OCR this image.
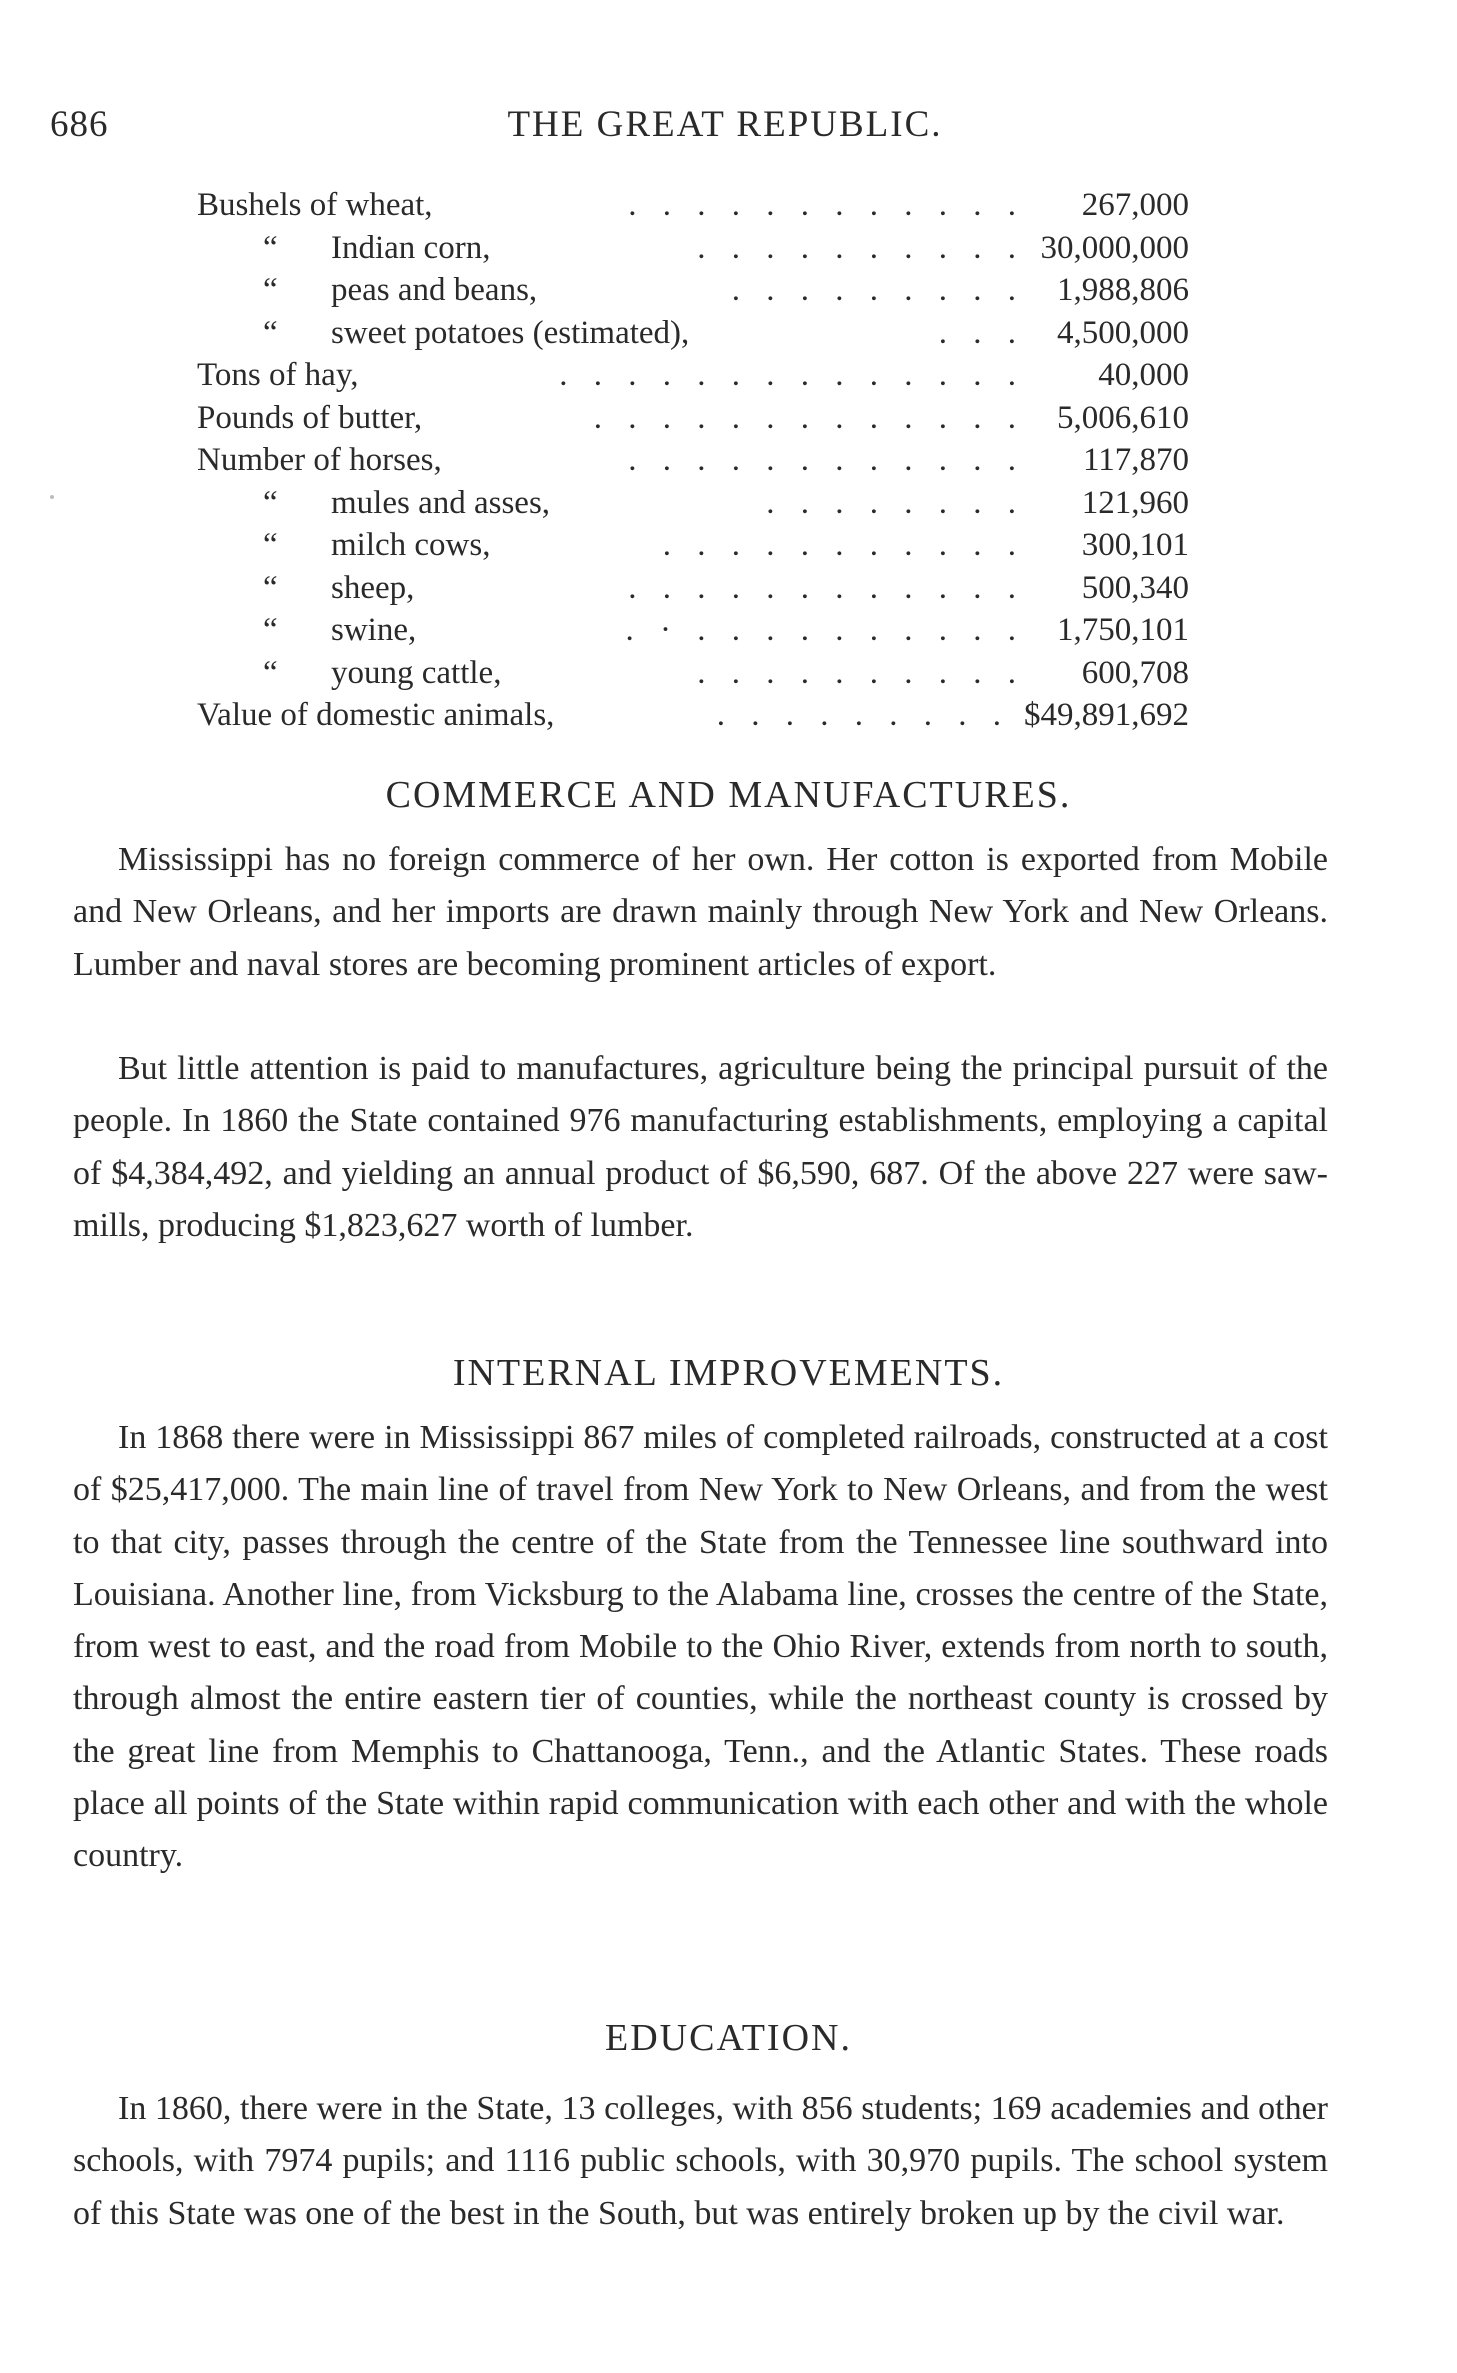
686	THE GREAT REPUBLIC.
Bushels of wheat,	. . . . . . . . . . . .	267,000
“	Indian corn,	. . . . . . . . . . 30,000,000
“	peas and beans,	. . . . . . . . . 1,988,806
“	sweet potatoes (estimated),	. . . 4,500,000
Tons of hay,	. . . . . . . . . . . . . .	40,000
Pounds of butter,	. . . . . . . . . . . . . 5,006,610
Number of horses,	. . . . . . . . . . . .	117,870
“	mules and asses,	. . . . . . . .	121,960
“	milch cows,	. . . . . . . . . . .	300,101
“	sheep,	. . . . . . . . . . . .	500,340
“	swine,	. . . . . . . . . . · . 1,750,101
“	young cattle,	. . . . . . . . . .	600,708
Value of domestic animals,	. . . . . . . . . $49,891,692
COMMERCE AND MANUFACTURES.

Mississippi has no foreign commerce of her own. Her cotton is exported from Mobile and New Orleans, and her imports are drawn mainly through New York and New Orleans. Lumber and naval stores are becoming prominent articles of export.

But little attention is paid to manufactures, agriculture being the principal pursuit of the people. In 1860 the State contained 976 manufacturing establishments, employing a capital of $4,384,492, and yielding an annual product of $6,590, 687. Of the above 227 were saw-mills, producing $1,823,627 worth of lumber.

INTERNAL IMPROVEMENTS.

In 1868 there were in Mississippi 867 miles of completed railroads, constructed at a cost of $25,417,000. The main line of travel from New York to New Orleans, and from the west to that city, passes through the centre of the State from the Tennessee line southward into Louisiana. Another line, from Vicksburg to the Alabama line, crosses the centre of the State, from west to east, and the road from Mobile to the Ohio River, extends from north to south, through almost the entire eastern tier of counties, while the northeast county is crossed by the great line from Memphis to Chattanooga, Tenn., and the Atlantic States. These roads place all points of the State within rapid communication with each other and with the whole country.

EDUCATION.

In 1860, there were in the State, 13 colleges, with 856 students; 169 academies and other schools, with 7974 pupils; and 1116 public schools, with 30,970 pupils. The school system of this State was one of the best in the South, but was entirely broken up by the civil war.
